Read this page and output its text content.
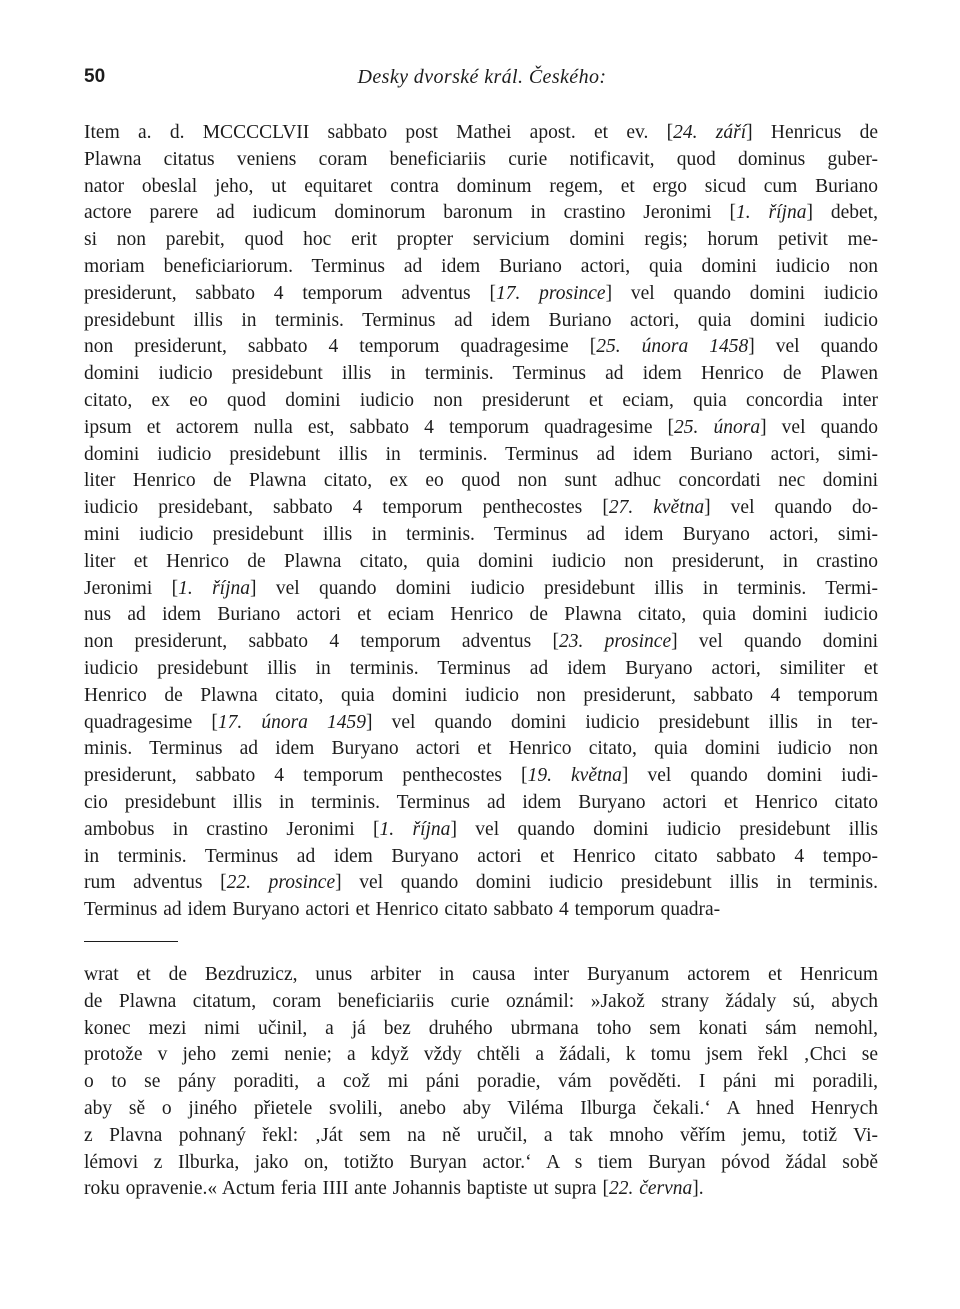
50	Desky dvorské král. Českého:
Item a. d. MCCCCLVII sabbato post Mathei apost. et ev. [24. září] Henricus de
Plawna citatus veniens coram beneficiariis curie notificavit, quod dominus guber-
nator obeslal jeho, ut equitaret contra dominum regem, et ergo sicud cum Buriano
actore parere ad iudicum dominorum baronum in crastino Jeronimi [1. října] debet,
si non parebit, quod hoc erit propter servicium domini regis; horum petivit me-
moriam beneficiariorum. Terminus ad idem Buriano actori, quia domini iudicio non
presiderunt, sabbato 4 temporum adventus [17. prosince] vel quando domini iudicio
presidebunt illis in terminis. Terminus ad idem Buriano actori, quia domini iudicio
non presiderunt, sabbato 4 temporum quadragesime [25. února 1458] vel quando
domini iudicio presidebunt illis in terminis. Terminus ad idem Henrico de Plawen
citato, ex eo quod domini iudicio non presiderunt et eciam, quia concordia inter
ipsum et actorem nulla est, sabbato 4 temporum quadragesime [25. února] vel quando
domini iudicio presidebunt illis in terminis. Terminus ad idem Buriano actori, simi-
liter Henrico de Plawna citato, ex eo quod non sunt adhuc concordati nec domini
iudicio presidebant, sabbato 4 temporum penthecostes [27. května] vel quando do-
mini iudicio presidebunt illis in terminis. Terminus ad idem Buryano actori, simi-
liter et Henrico de Plawna citato, quia domini iudicio non presiderunt, in crastino
Jeronimi [1. října] vel quando domini iudicio presidebunt illis in terminis. Termi-
nus ad idem Buriano actori et eciam Henrico de Plawna citato, quia domini iudicio
non presiderunt, sabbato 4 temporum adventus [23. prosince] vel quando domini
iudicio presidebunt illis in terminis. Terminus ad idem Buryano actori, similiter et
Henrico de Plawna citato, quia domini iudicio non presiderunt, sabbato 4 temporum
quadragesime [17. února 1459] vel quando domini iudicio presidebunt illis in ter-
minis. Terminus ad idem Buryano actori et Henrico citato, quia domini iudicio non
presiderunt, sabbato 4 temporum penthecostes [19. května] vel quando domini iudi-
cio presidebunt illis in terminis. Terminus ad idem Buryano actori et Henrico citato
ambobus in crastino Jeronimi [1. října] vel quando domini iudicio presidebunt illis
in terminis. Terminus ad idem Buryano actori et Henrico citato sabbato 4 tempo-
rum adventus [22. prosince] vel quando domini iudicio presidebunt illis in terminis.
Terminus ad idem Buryano actori et Henrico citato sabbato 4 temporum quadra-
wrat et de Bezdruzicz, unus arbiter in causa inter Buryanum actorem et Henricum
de Plawna citatum, coram beneficiariis curie oznámil: »Jakož strany žádaly sú, abych
konec mezi nimi učinil, a já bez druhého ubrmana toho sem konati sám nemohl,
protože v jeho zemi nenie; a když vždy chtěli a žádali, k tomu jsem řekl ‚Chci se
o to se pány poraditi, a což mi páni poradie, vám pověděti. I páni mi poradili,
aby sě o jiného přietele svolili, anebo aby Viléma Ilburga čekali.‘ A hned Henrych
z Plavna pohnaný řekl: ‚Ját sem na ně uručil, a tak mnoho věřím jemu, totiž Vi-
lémovi z Ilburka, jako on, totižto Buryan actor.‘ A s tiem Buryan póvod žádal sobě
roku opravenie.« Actum feria IIII ante Johannis baptiste ut supra [22. června].
